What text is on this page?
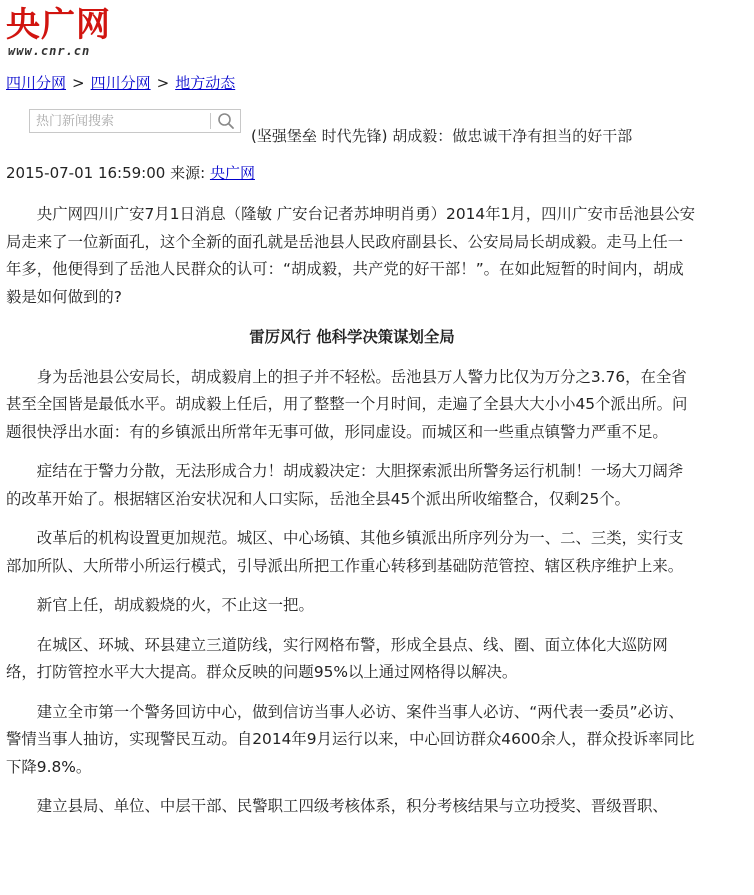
央广网
www.cnr.cn
四川分网 > 四川分网 > 地方动态
热门新闻搜索
(坚强堡垒 时代先锋) 胡成毅：做忠诚干净有担当的好干部
2015-07-01 16:59:00 来源: 央广网

央广网四川广安7月1日消息（隆敏 广安台记者苏坤明肖勇）2014年1月，四川广安市岳池县公安局走来了一位新面孔，这个全新的面孔就是岳池县人民政府副县长、公安局局长胡成毅。走马上任一年多，他便得到了岳池人民群众的认可：“胡成毅，共产党的好干部！”。在如此短暂的时间内，胡成毅是如何做到的?

雷厉风行 他科学决策谋划全局

身为岳池县公安局长，胡成毅肩上的担子并不轻松。岳池县万人警力比仅为万分之3.76，在全省甚至全国皆是最低水平。胡成毅上任后，用了整整一个月时间，走遍了全县大大小小45个派出所。问题很快浮出水面：有的乡镇派出所常年无事可做，形同虚设。而城区和一些重点镇警力严重不足。

症结在于警力分散，无法形成合力！胡成毅决定：大胆探索派出所警务运行机制！一场大刀阔斧的改革开始了。根据辖区治安状况和人口实际，岳池全县45个派出所收缩整合，仅剩25个。

改革后的机构设置更加规范。城区、中心场镇、其他乡镇派出所序列分为一、二、三类，实行支部加所队、大所带小所运行模式，引导派出所把工作重心转移到基础防范管控、辖区秩序维护上来。

新官上任，胡成毅烧的火，不止这一把。

在城区、环城、环县建立三道防线，实行网格布警，形成全县点、线、圈、面立体化大巡防网络，打防管控水平大大提高。群众反映的问题95%以上通过网格得以解决。

建立全市第一个警务回访中心，做到信访当事人必访、案件当事人必访、“两代表一委员”必访、警情当事人抽访，实现警民互动。自2014年9月运行以来，中心回访群众4600余人，群众投诉率同比下降9.8%。

建立县局、单位、中层干部、民警职工四级考核体系，积分考核结果与立功授奖、晋级晋职、
